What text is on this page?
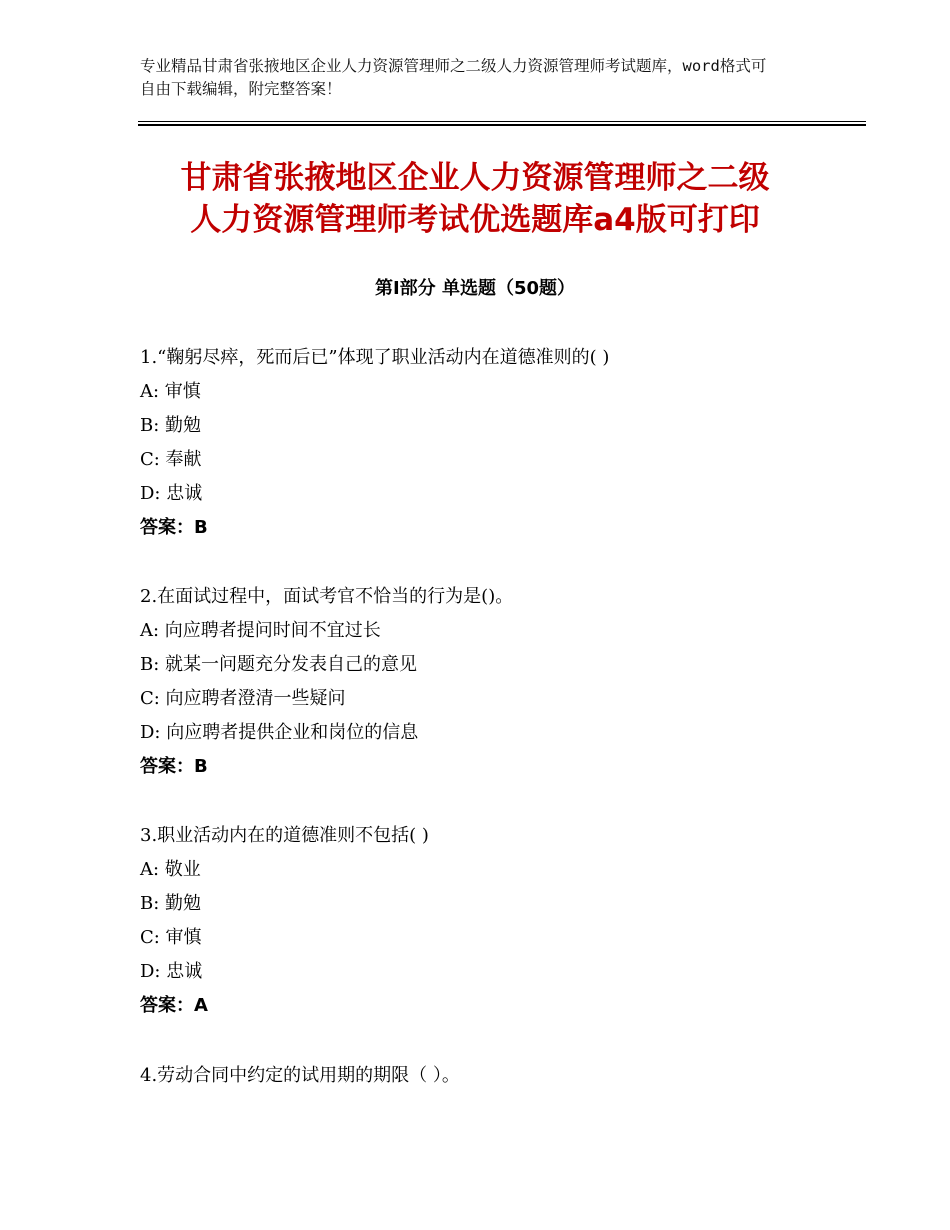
专业精品甘肃省张掖地区企业人力资源管理师之二级人力资源管理师考试题库，word格式可自由下载编辑，附完整答案！
甘肃省张掖地区企业人力资源管理师之二级
人力资源管理师考试优选题库a4版可打印
第Ⅰ部分 单选题（50题）
1.“鞠躬尽瘁，死而后已”体现了职业活动内在道德准则的( )
A: 审慎
B: 勤勉
C: 奉献
D: 忠诚
答案：B
2.在面试过程中，面试考官不恰当的行为是()。
A: 向应聘者提问时间不宜过长
B: 就某一问题充分发表自己的意见
C: 向应聘者澄清一些疑问
D: 向应聘者提供企业和岗位的信息
答案：B
3.职业活动内在的道德准则不包括( )
A: 敬业
B: 勤勉
C: 审慎
D: 忠诚
答案：A
4.劳动合同中约定的试用期的期限（ ）。
